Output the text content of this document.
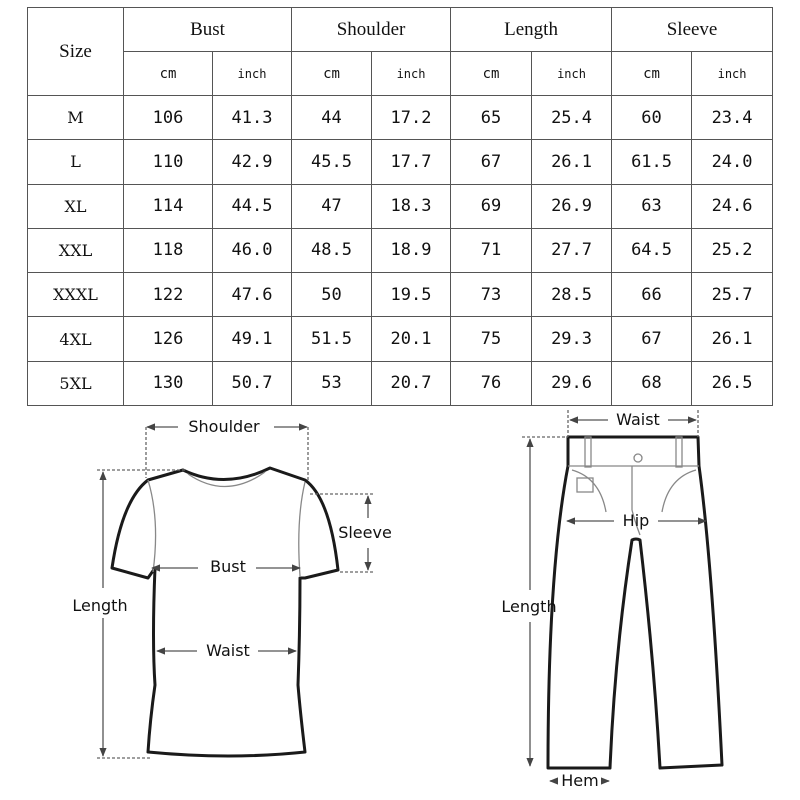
Size	Bust		Shoulder		Length		Sleeve	
	cm	inch	cm	inch	cm	inch	cm	inch
M	106	41.3	44	17.2	65	25.4	60	23.4
L	110	42.9	45.5	17.7	67	26.1	61.5	24.0
XL	114	44.5	47	18.3	69	26.9	63	24.6
XXL	118	46.0	48.5	18.9	71	27.7	64.5	25.2
XXXL	122	47.6	50	19.5	73	28.5	66	25.7
4XL	126	49.1	51.5	20.1	75	29.3	67	26.1
5XL	130	50.7	53	20.7	76	29.6	68	26.5
Shoulder
Length
Sleeve
Bust
Waist
Waist
Hip
Length
Hem
